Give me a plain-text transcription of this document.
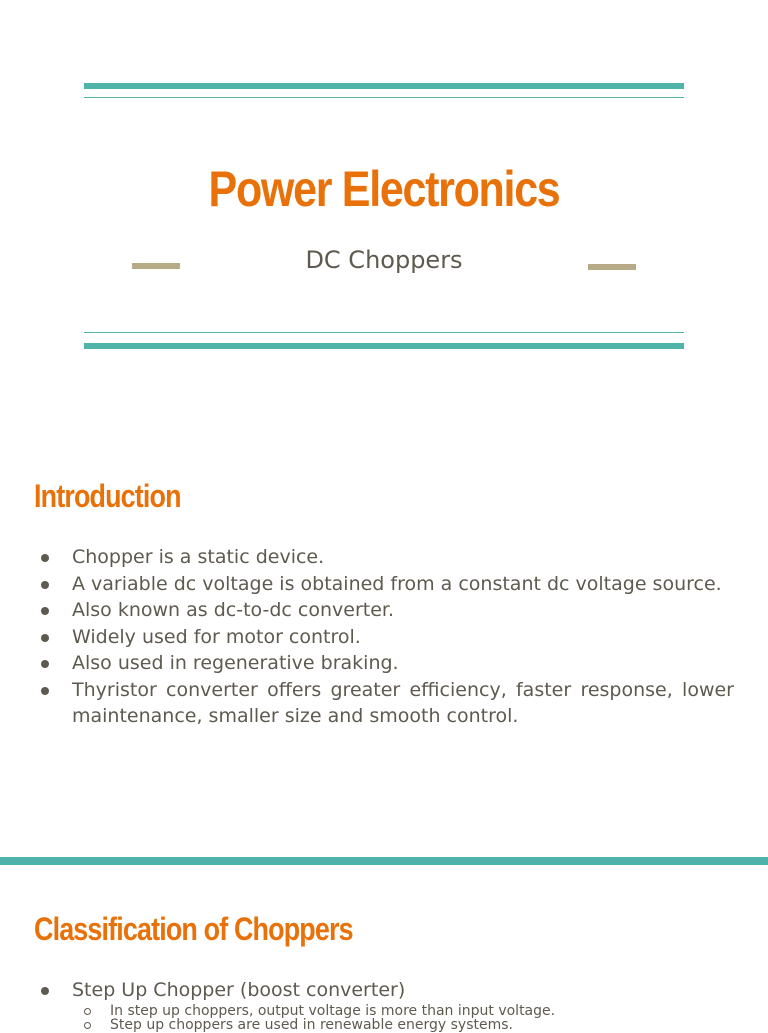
Power Electronics
DC Choppers
Introduction
Chopper is a static device.
A variable dc voltage is obtained from a constant dc voltage source.
Also known as dc-to-dc converter.
Widely used for motor control.
Also used in regenerative braking.
Thyristor converter offers greater efficiency, faster response, lower maintenance, smaller size and smooth control.
Classification of Choppers
Step Up Chopper (boost converter)
In step up choppers, output voltage is more than input voltage.
Step up choppers are used in renewable energy systems.
